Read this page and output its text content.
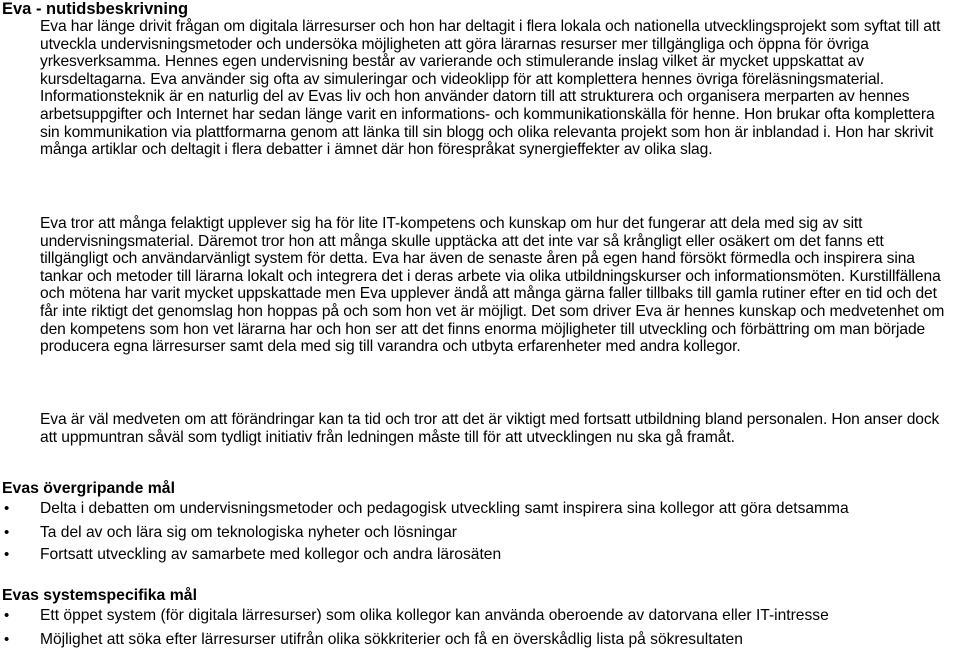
Eva - nutidsbeskrivning
Eva har länge drivit frågan om digitala lärresurser och hon har deltagit i flera lokala och nationella utvecklingsprojekt som syftat till att utveckla undervisningsmetoder och undersöka möjligheten att göra lärarnas resurser mer tillgängliga och öppna för övriga yrkesverksamma. Hennes egen undervisning består av varierande och stimulerande inslag vilket är mycket uppskattat av kursdeltagarna. Eva använder sig ofta av simuleringar och videoklipp för att komplettera hennes övriga föreläsningsmaterial. Informationsteknik är en naturlig del av Evas liv och hon använder datorn till att strukturera och organisera merparten av hennes arbetsuppgifter och Internet har sedan länge varit en informations- och kommunikationskälla för henne. Hon brukar ofta komplettera sin kommunikation via plattformarna genom att länka till sin blogg och olika relevanta projekt som hon är inblandad i. Hon har skrivit många artiklar och deltagit i flera debatter i ämnet där hon förespråkat synergieffekter av olika slag.
Eva tror att många felaktigt upplever sig ha för lite IT-kompetens och kunskap om hur det fungerar att dela med sig av sitt undervisningsmaterial. Däremot tror hon att många skulle upptäcka att det inte var så krångligt eller osäkert om det fanns ett tillgängligt och användarvänligt system för detta. Eva har även de senaste åren på egen hand försökt förmedla och inspirera sina tankar och metoder till lärarna lokalt och integrera det i deras arbete via olika utbildningskurser och informationsmöten. Kurstillfällena och mötena har varit mycket uppskattade men Eva upplever ändå att många gärna faller tillbaks till gamla rutiner efter en tid och det får inte riktigt det genomslag hon hoppas på och som hon vet är möjligt. Det som driver Eva är hennes kunskap och medvetenhet om den kompetens som hon vet lärarna har och hon ser att det finns enorma möjligheter till utveckling och förbättring om man började producera egna lärresurser samt dela med sig till varandra och utbyta erfarenheter med andra kollegor.
Eva är väl medveten om att förändringar kan ta tid och tror att det är viktigt med fortsatt utbildning bland personalen. Hon anser dock att uppmuntran såväl som tydligt initiativ från ledningen måste till för att utvecklingen nu ska gå framåt.
Evas övergripande mål
• Delta i debatten om undervisningsmetoder och pedagogisk utveckling samt inspirera sina kollegor att göra detsamma
• Ta del av och lära sig om teknologiska nyheter och lösningar
• Fortsatt utveckling av samarbete med kollegor och andra lärosäten
Evas systemspecifika mål
• Ett öppet system (för digitala lärresurser) som olika kollegor kan använda oberoende av datorvana eller IT-intresse
• Möjlighet att söka efter lärresurser utifrån olika sökkriterier och få en överskådlig lista på sökresultaten
